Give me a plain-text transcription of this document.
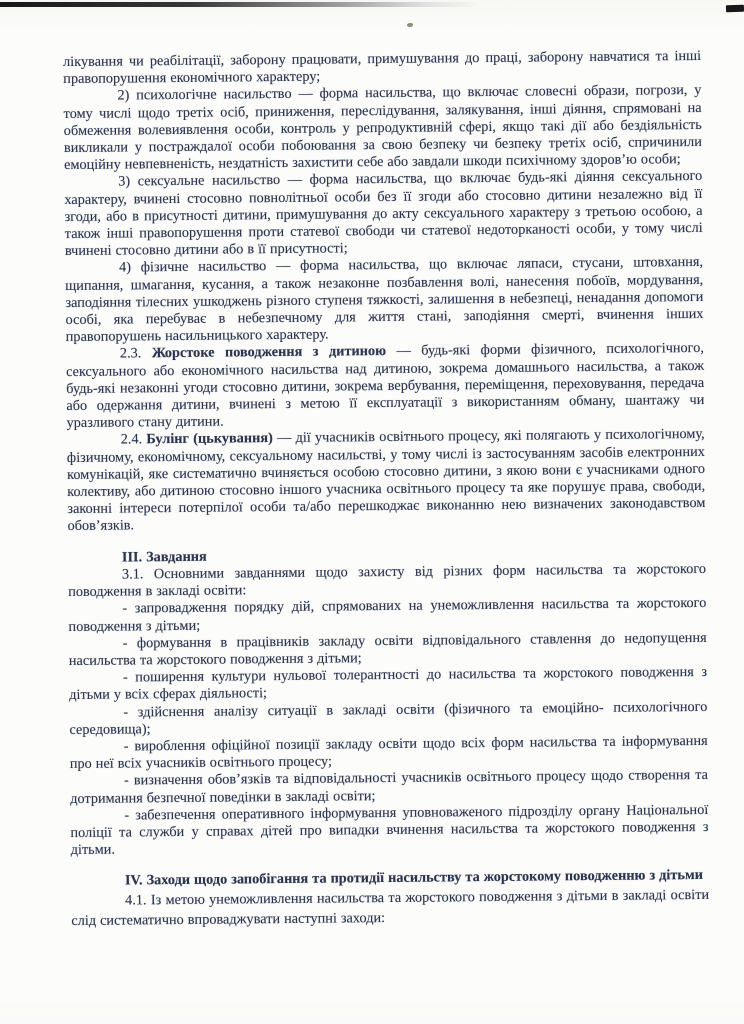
лікування чи реабілітації, заборону працювати, примушування до праці, заборону навчатися та інші правопорушення економічного характеру;

2) психологічне насильство — форма насильства, що включає словесні образи, погрози, у тому числі щодо третіх осіб, приниження, переслідування, залякування, інші діяння, спрямовані на обмеження волевиявлення особи, контроль у репродуктивній сфері, якщо такі дії або бездіяльність викликали у постраждалої особи побоювання за свою безпеку чи безпеку третіх осіб, спричинили емоційну невпевненість, нездатність захистити себе або завдали шкоди психічному здоров’ю особи;

3) сексуальне насильство — форма насильства, що включає будь-які діяння сексуального характеру, вчинені стосовно повнолітньої особи без її згоди або стосовно дитини незалежно від її згоди, або в присутності дитини, примушування до акту сексуального характеру з третьою особою, а також інші правопорушення проти статевої свободи чи статевої недоторканості особи, у тому числі вчинені стосовно дитини або в її присутності;

4) фізичне насильство — форма насильства, що включає ляпаси, стусани, штовхання, щипання, шмагання, кусання, а також незаконне позбавлення волі, нанесення побоїв, мордування, заподіяння тілесних ушкоджень різного ступеня тяжкості, залишення в небезпеці, ненадання допомоги особі, яка перебуває в небезпечному для життя стані, заподіяння смерті, вчинення інших правопорушень насильницького характеру.

2.3. Жорстоке поводження з дитиною — будь-які форми фізичного, психологічного, сексуального або економічного насильства над дитиною, зокрема домашнього насильства, а також будь-які незаконні угоди стосовно дитини, зокрема вербування, переміщення, переховування, передача або одержання дитини, вчинені з метою її експлуатації з використанням обману, шантажу чи уразливого стану дитини.

2.4. Булінг (цькування) — дії учасників освітнього процесу, які полягають у психологічному, фізичному, економічному, сексуальному насильстві, у тому числі із застосуванням засобів електронних комунікацій, яке систематично вчиняється особою стосовно дитини, з якою вони є учасниками одного колективу, або дитиною стосовно іншого учасника освітнього процесу та яке порушує права, свободи, законні інтереси потерпілої особи та/або перешкоджає виконанню нею визначених законодавством обов’язків.

III. Завдання

3.1. Основними завданнями щодо захисту від різних форм насильства та жорстокого поводження в закладі освіти:

- запровадження порядку дій, спрямованих на унеможливлення насильства та жорстокого поводження з дітьми;

- формування в працівників закладу освіти відповідального ставлення до недопущення насильства та жорстокого поводження з дітьми;

- поширення культури нульової толерантності до насильства та жорстокого поводження з дітьми у всіх сферах діяльності;

- здійснення аналізу ситуації в закладі освіти (фізичного та емоційно- психологічного середовища);

- вироблення офіційної позиції закладу освіти щодо всіх форм насильства та інформування про неї всіх учасників освітнього процесу;

- визначення обов’язків та відповідальності учасників освітнього процесу щодо створення та дотримання безпечної поведінки в закладі освіти;

- забезпечення оперативного інформування уповноваженого підрозділу органу Національної поліції та служби у справах дітей про випадки вчинення насильства та жорстокого поводження з дітьми.

IV. Заходи щодо запобігання та протидії насильству та жорстокому поводженню з дітьми

4.1. Із метою унеможливлення насильства та жорстокого поводження з дітьми в закладі освіти слід систематично впроваджувати наступні заходи:
